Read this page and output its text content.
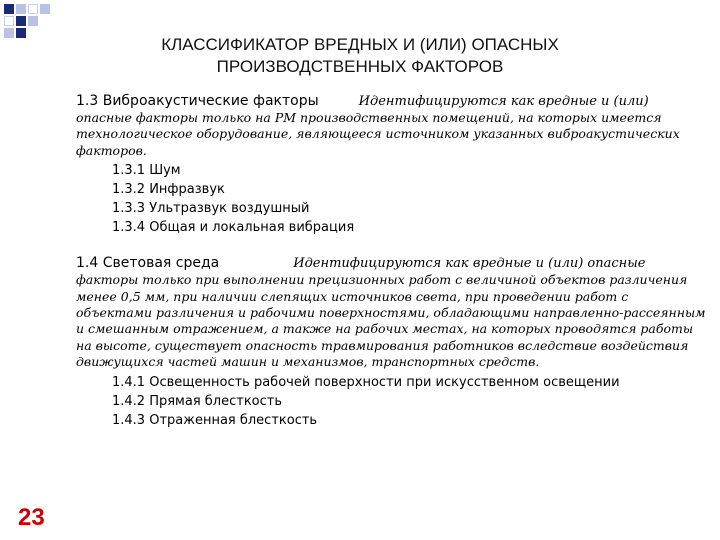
КЛАССИФИКАТОР ВРЕДНЫХ И (ИЛИ) ОПАСНЫХ
ПРОИЗВОДСТВЕННЫХ ФАКТОРОВ

1.3 Виброакустические факторы	Идентифицируются как вредные и (или)

опасные факторы только на РМ производственных помещений, на которых имеется технологическое оборудование, являющееся источником указанных виброакустических факторов.

1.3.1 Шум
1.3.2 Инфразвук
1.3.3 Ультразвук воздушный
1.3.4 Общая и локальная вибрация

1.4 Световая среда	Идентифицируются как вредные и (или) опасные

факторы только при выполнении прецизионных работ с величиной объектов различения менее 0,5 мм, при наличии слепящих источников света, при проведении работ с объектами различения и рабочими поверхностями, обладающими направленно-рассеянным и смешанным отражением, а также на рабочих местах, на которых проводятся работы на высоте, существует опасность травмирования работников вследствие воздействия движущихся частей машин и механизмов, транспортных средств.

1.4.1 Освещенность рабочей поверхности при искусственном освещении
1.4.2 Прямая блесткость
1.4.3 Отраженная блесткость
23
